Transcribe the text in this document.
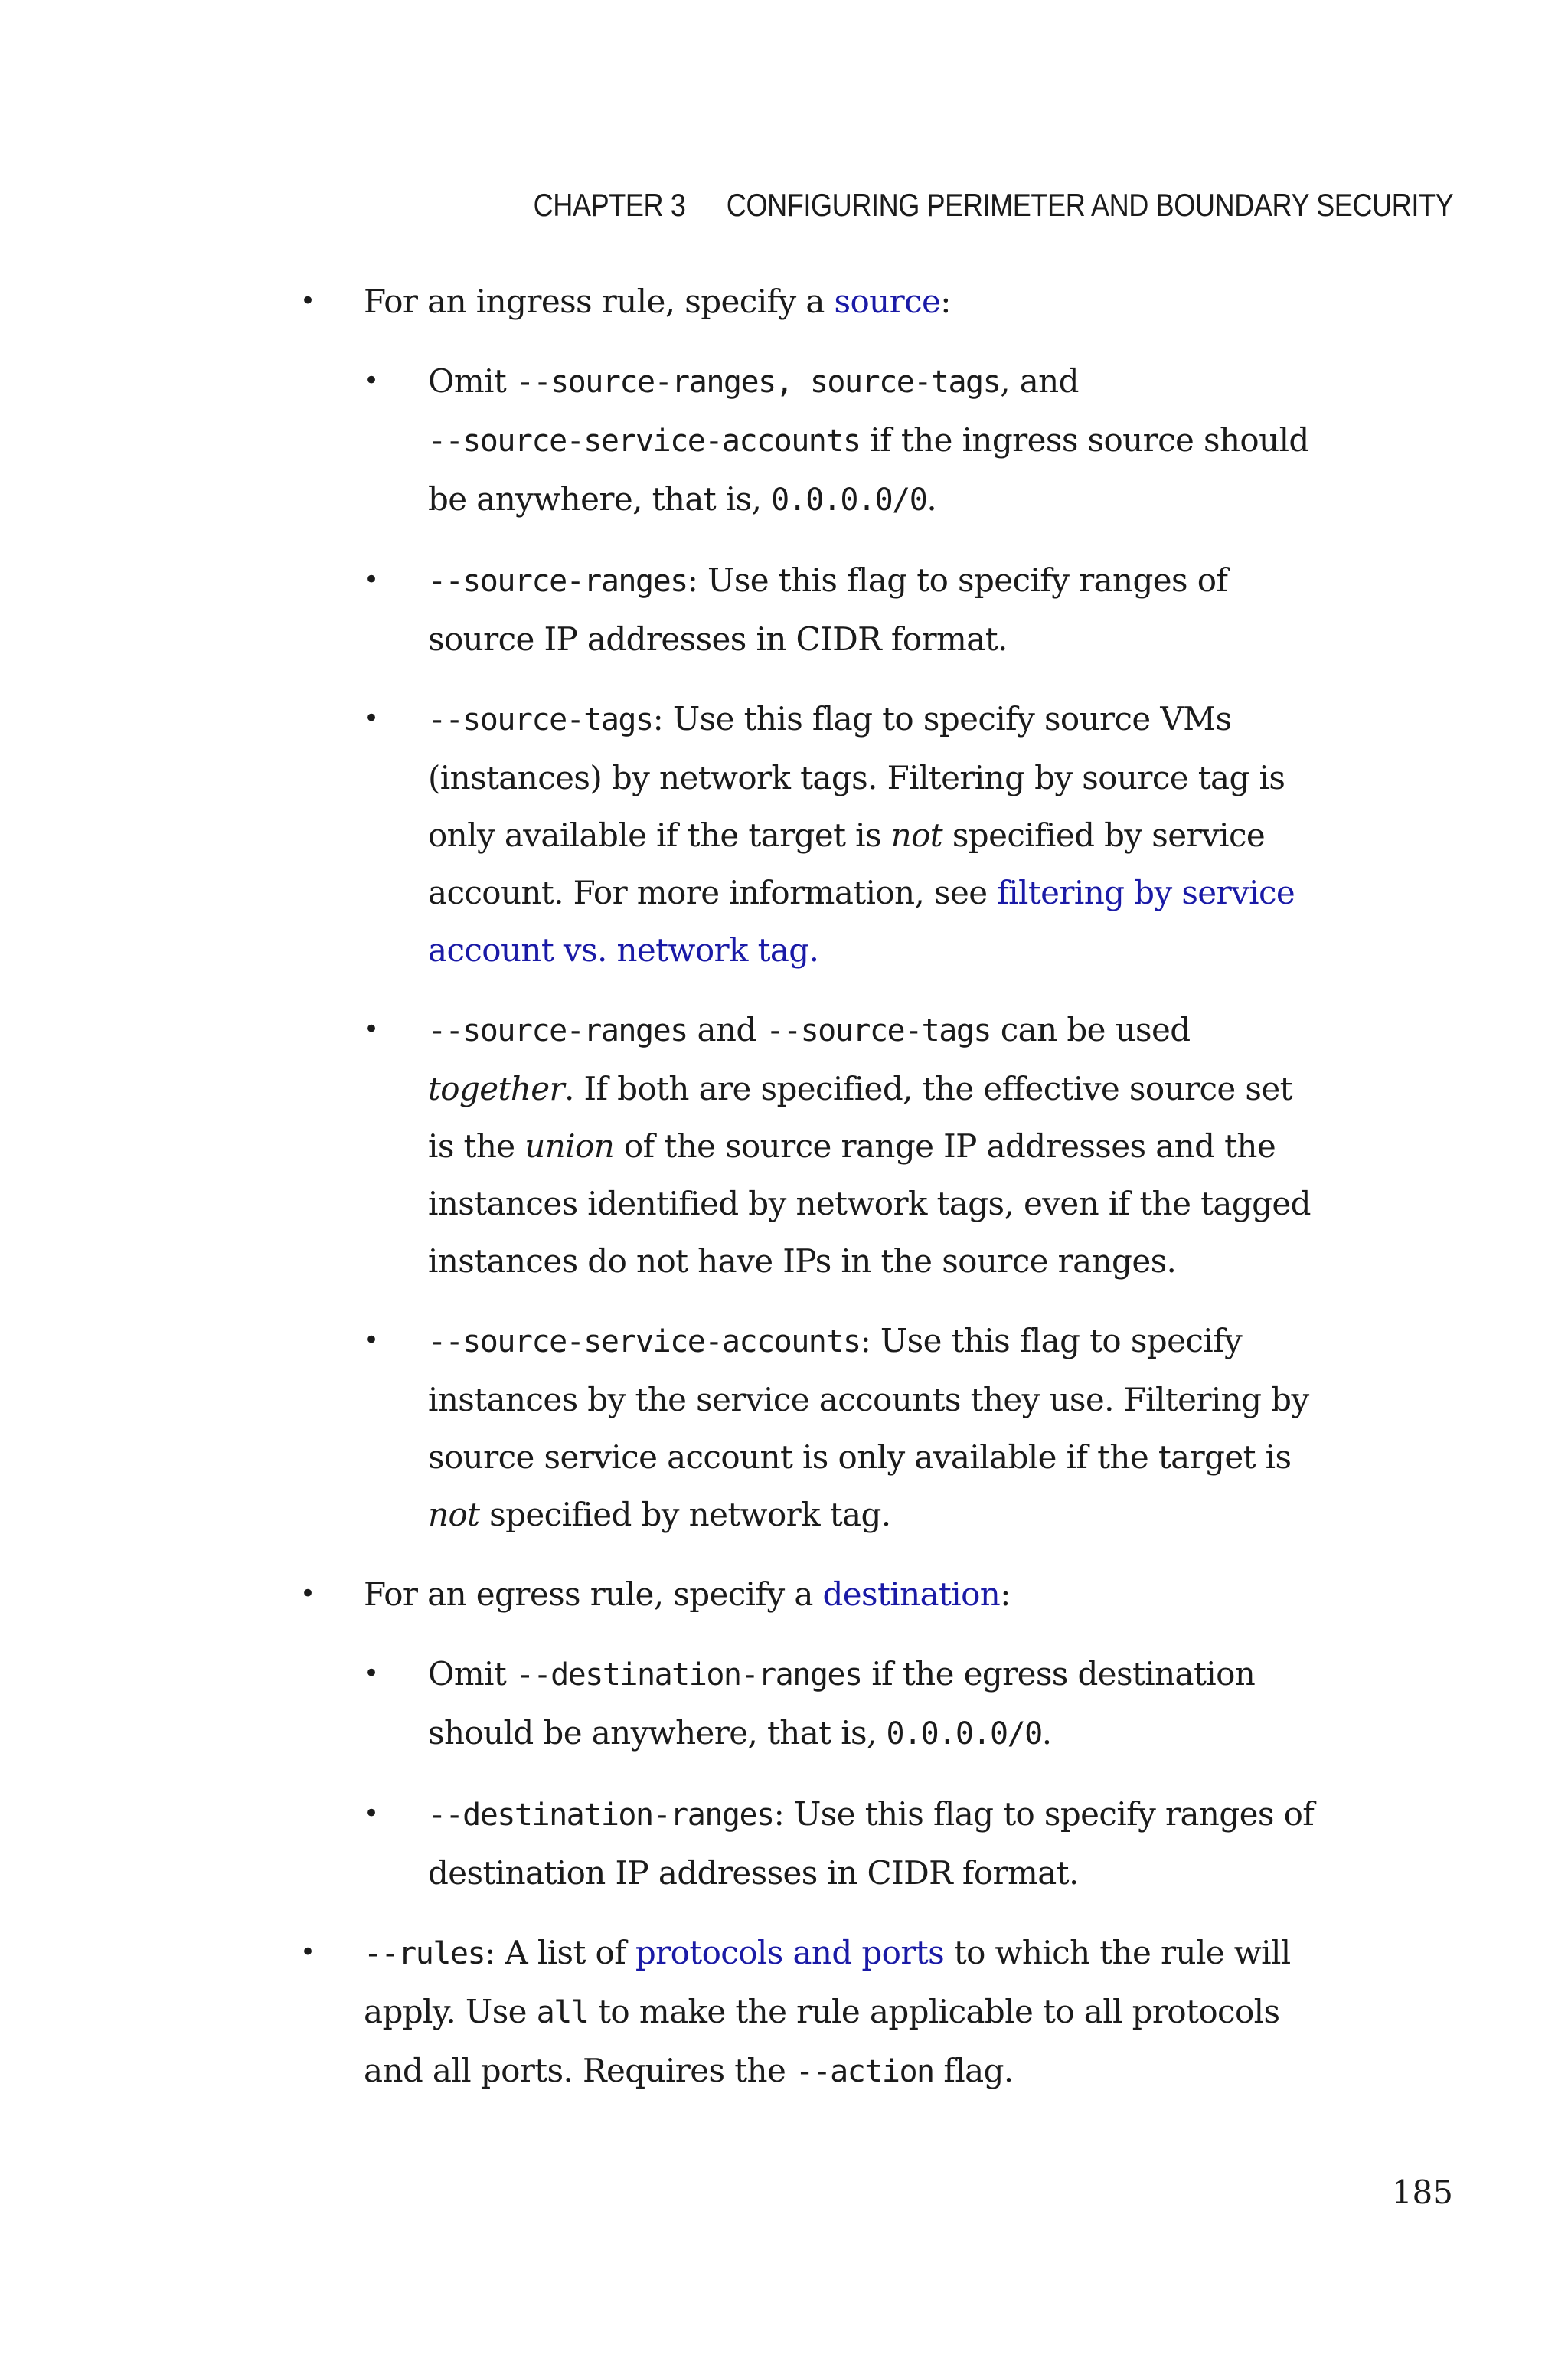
CHAPTER 3 CONFIGURING PERIMETER AND BOUNDARY SECURITY
• For an ingress rule, specify a source:
• Omit --source-ranges, source-tags, and
--source-service-accounts if the ingress source should be anywhere, that is, 0.0.0.0/0.
• --source-ranges: Use this flag to specify ranges of source IP addresses in CIDR format.
• --source-tags: Use this flag to specify source VMs (instances) by network tags. Filtering by source tag is only available if the target is not specified by service account. For more information, see filtering by service account vs. network tag.
• --source-ranges and --source-tags can be used together. If both are specified, the effective source set is the union of the source range IP addresses and the instances identified by network tags, even if the tagged instances do not have IPs in the source ranges.
• --source-service-accounts: Use this flag to specify instances by the service accounts they use. Filtering by source service account is only available if the target is not specified by network tag.
• For an egress rule, specify a destination:
• Omit --destination-ranges if the egress destination should be anywhere, that is, 0.0.0.0/0.
• --destination-ranges: Use this flag to specify ranges of destination IP addresses in CIDR format.
• --rules: A list of protocols and ports to which the rule will apply. Use all to make the rule applicable to all protocols and all ports. Requires the --action flag.
185
